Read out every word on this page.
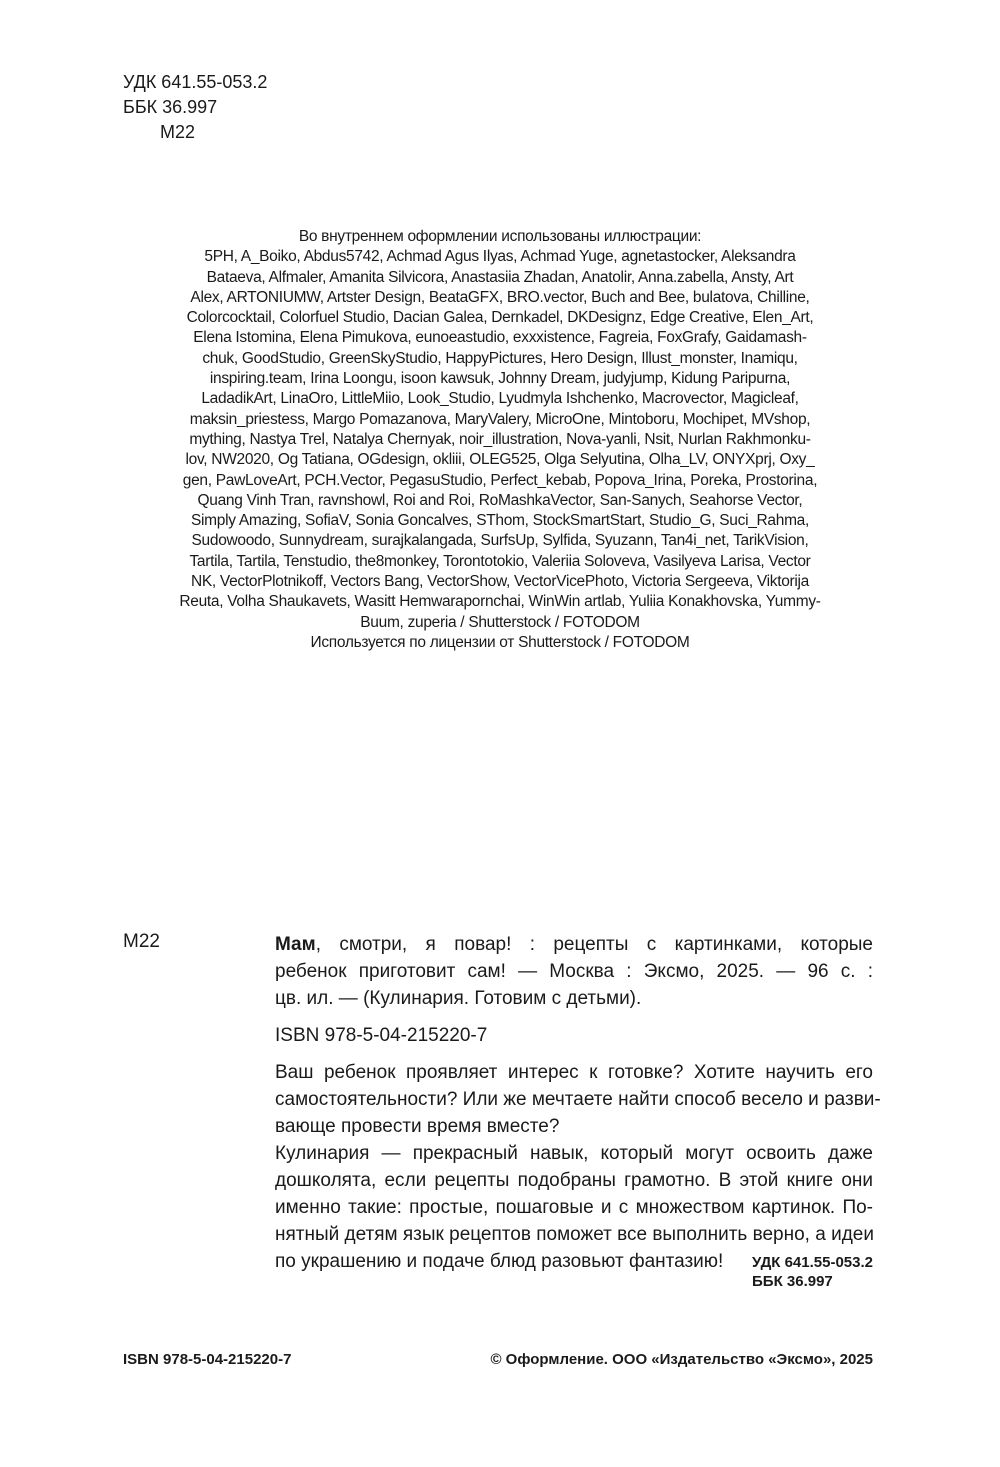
УДК 641.55-053.2
ББК 36.997
М22
Во внутреннем оформлении использованы иллюстрации:
5PH, A_Boiko, Abdus5742, Achmad Agus Ilyas, Achmad Yuge, agnetastocker, Aleksandra
Bataeva, Alfmaler, Amanita Silvicora, Anastasiia Zhadan, Anatolir, Anna.zabella, Ansty, Art
Alex, ARTONIUMW, Artster Design, BeataGFX, BRO.vector, Buch and Bee, bulatova, Chilline,
Colorcocktail, Colorfuel Studio, Dacian Galea, Dernkadel, DKDesignz, Edge Creative, Elen_Art,
Elena Istomina, Elena Pimukova, eunoeastudio, exxxistence, Fagreia, FoxGrafy, Gaidamash-
chuk, GoodStudio, GreenSkyStudio, HappyPictures, Hero Design, Illust_monster, Inamiqu,
inspiring.team, Irina Loongu, isoon kawsuk, Johnny Dream, judyjump, Kidung Paripurna,
LadadikArt, LinaOro, LittleMiio, Look_Studio, Lyudmyla Ishchenko, Macrovector, Magicleaf,
maksin_priestess, Margo Pomazanova, MaryValery, MicroOne, Mintoboru, Mochipet, MVshop,
mything, Nastya Trel, Natalya Chernyak, noir_illustration, Nova-yanli, Nsit, Nurlan Rakhmonku-
lov, NW2020, Og Tatiana, OGdesign, okliii, OLEG525, Olga Selyutina, Olha_LV, ONYXprj, Oxy_
gen, PawLoveArt, PCH.Vector, PegasuStudio, Perfect_kebab, Popova_Irina, Poreka, Prostorina,
Quang Vinh Tran, ravnshowl, Roi and Roi, RoMashkaVector, San-Sanych, Seahorse Vector,
Simply Amazing, SofiaV, Sonia Goncalves, SThom, StockSmartStart, Studio_G, Suci_Rahma,
Sudowoodo, Sunnydream, surajkalangada, SurfsUp, Sylfida, Syuzann, Tan4i_net, TarikVision,
Tartila, Tartila, Tenstudio, the8monkey, Torontotokio, Valeriia Soloveva, Vasilyeva Larisa, Vector
NK, VectorPlotnikoff, Vectors Bang, VectorShow, VectorVicePhoto, Victoria Sergeeva, Viktorija
Reuta, Volha Shaukavets, Wasitt Hemwarapornchai, WinWin artlab, Yuliia Konakhovska, Yummy-
Buum, zuperia / Shutterstock / FOTODOM
Используется по лицензии от Shutterstock / FOTODOM
М22	Мам, смотри, я повар! : рецепты с картинками, которые
ребенок приготовит сам! — Москва : Эксмо, 2025. — 96 с. :
цв. ил. — (Кулинария. Готовим с детьми).
ISBN 978-5-04-215220-7
Ваш ребенок проявляет интерес к готовке? Хотите научить его
самостоятельности? Или же мечтаете найти способ весело и разви-
вающе провести время вместе?
Кулинария — прекрасный навык, который могут освоить даже
дошколята, если рецепты подобраны грамотно. В этой книге они
именно такие: простые, пошаговые и с множеством картинок. По-
нятный детям язык рецептов поможет все выполнить верно, а идеи
по украшению и подаче блюд разовьют фантазию!	УДК 641.55-053.2
ББК 36.997
ISBN 978-5-04-215220-7	© Оформление. ООО «Издательство «Эксмо», 2025
